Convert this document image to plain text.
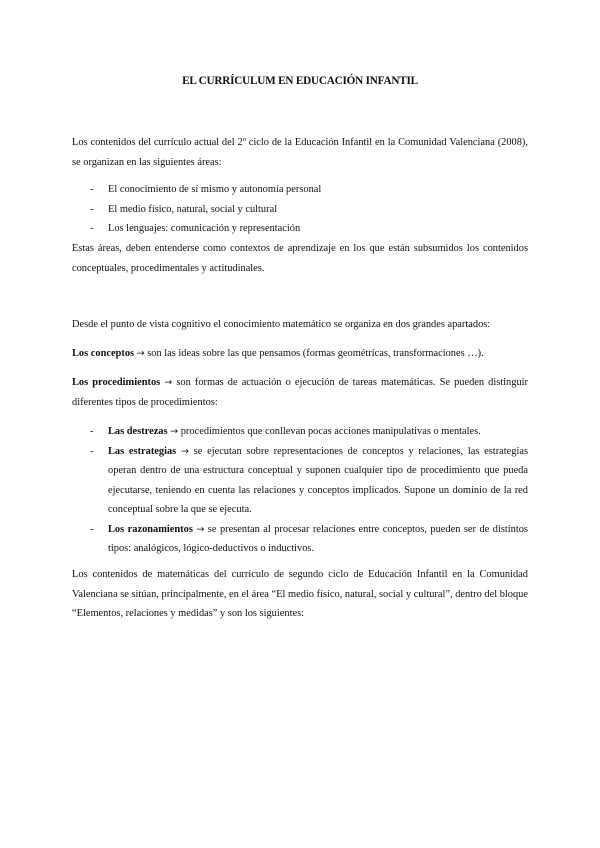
EL CURRÍCULUM EN EDUCACIÓN INFANTIL

Los contenidos del currículo actual del 2º ciclo de la Educación Infantil en la Comunidad Valenciana (2008), se organizan en las siguientes áreas:

- El conocimiento de sí mismo y autonomía personal
- El medio físico, natural, social y cultural
- Los lenguajes: comunicación y representación

Estas áreas, deben entenderse como contextos de aprendizaje en los que están subsumidos los contenidos conceptuales, procedimentales y actitudinales.

Desde el punto de vista cognitivo el conocimiento matemático se organiza en dos grandes apartados:

Los conceptos → son las ideas sobre las que pensamos (formas geométricas, transformaciones …).

Los procedimientos → son formas de actuación o ejecución de tareas matemáticas. Se pueden distinguir diferentes tipos de procedimientos:

- Las destrezas → procedimientos que conllevan pocas acciones manipulativas o mentales.
- Las estrategias → se ejecutan sobre representaciones de conceptos y relaciones, las estrategias operan dentro de una estructura conceptual y suponen cualquier tipo de procedimiento que pueda ejecutarse, teniendo en cuenta las relaciones y conceptos implicados. Supone un dominio de la red conceptual sobre la que se ejecuta.
- Los razonamientos → se presentan al procesar relaciones entre conceptos, pueden ser de distintos tipos: analógicos, lógico-deductivos o inductivos.

Los contenidos de matemáticas del currículo de segundo ciclo de Educación Infantil en la Comunidad Valenciana se sitúan, principalmente, en el área “El medio físico, natural, social y cultural”, dentro del bloque “Elementos, relaciones y medidas” y son los siguientes:
